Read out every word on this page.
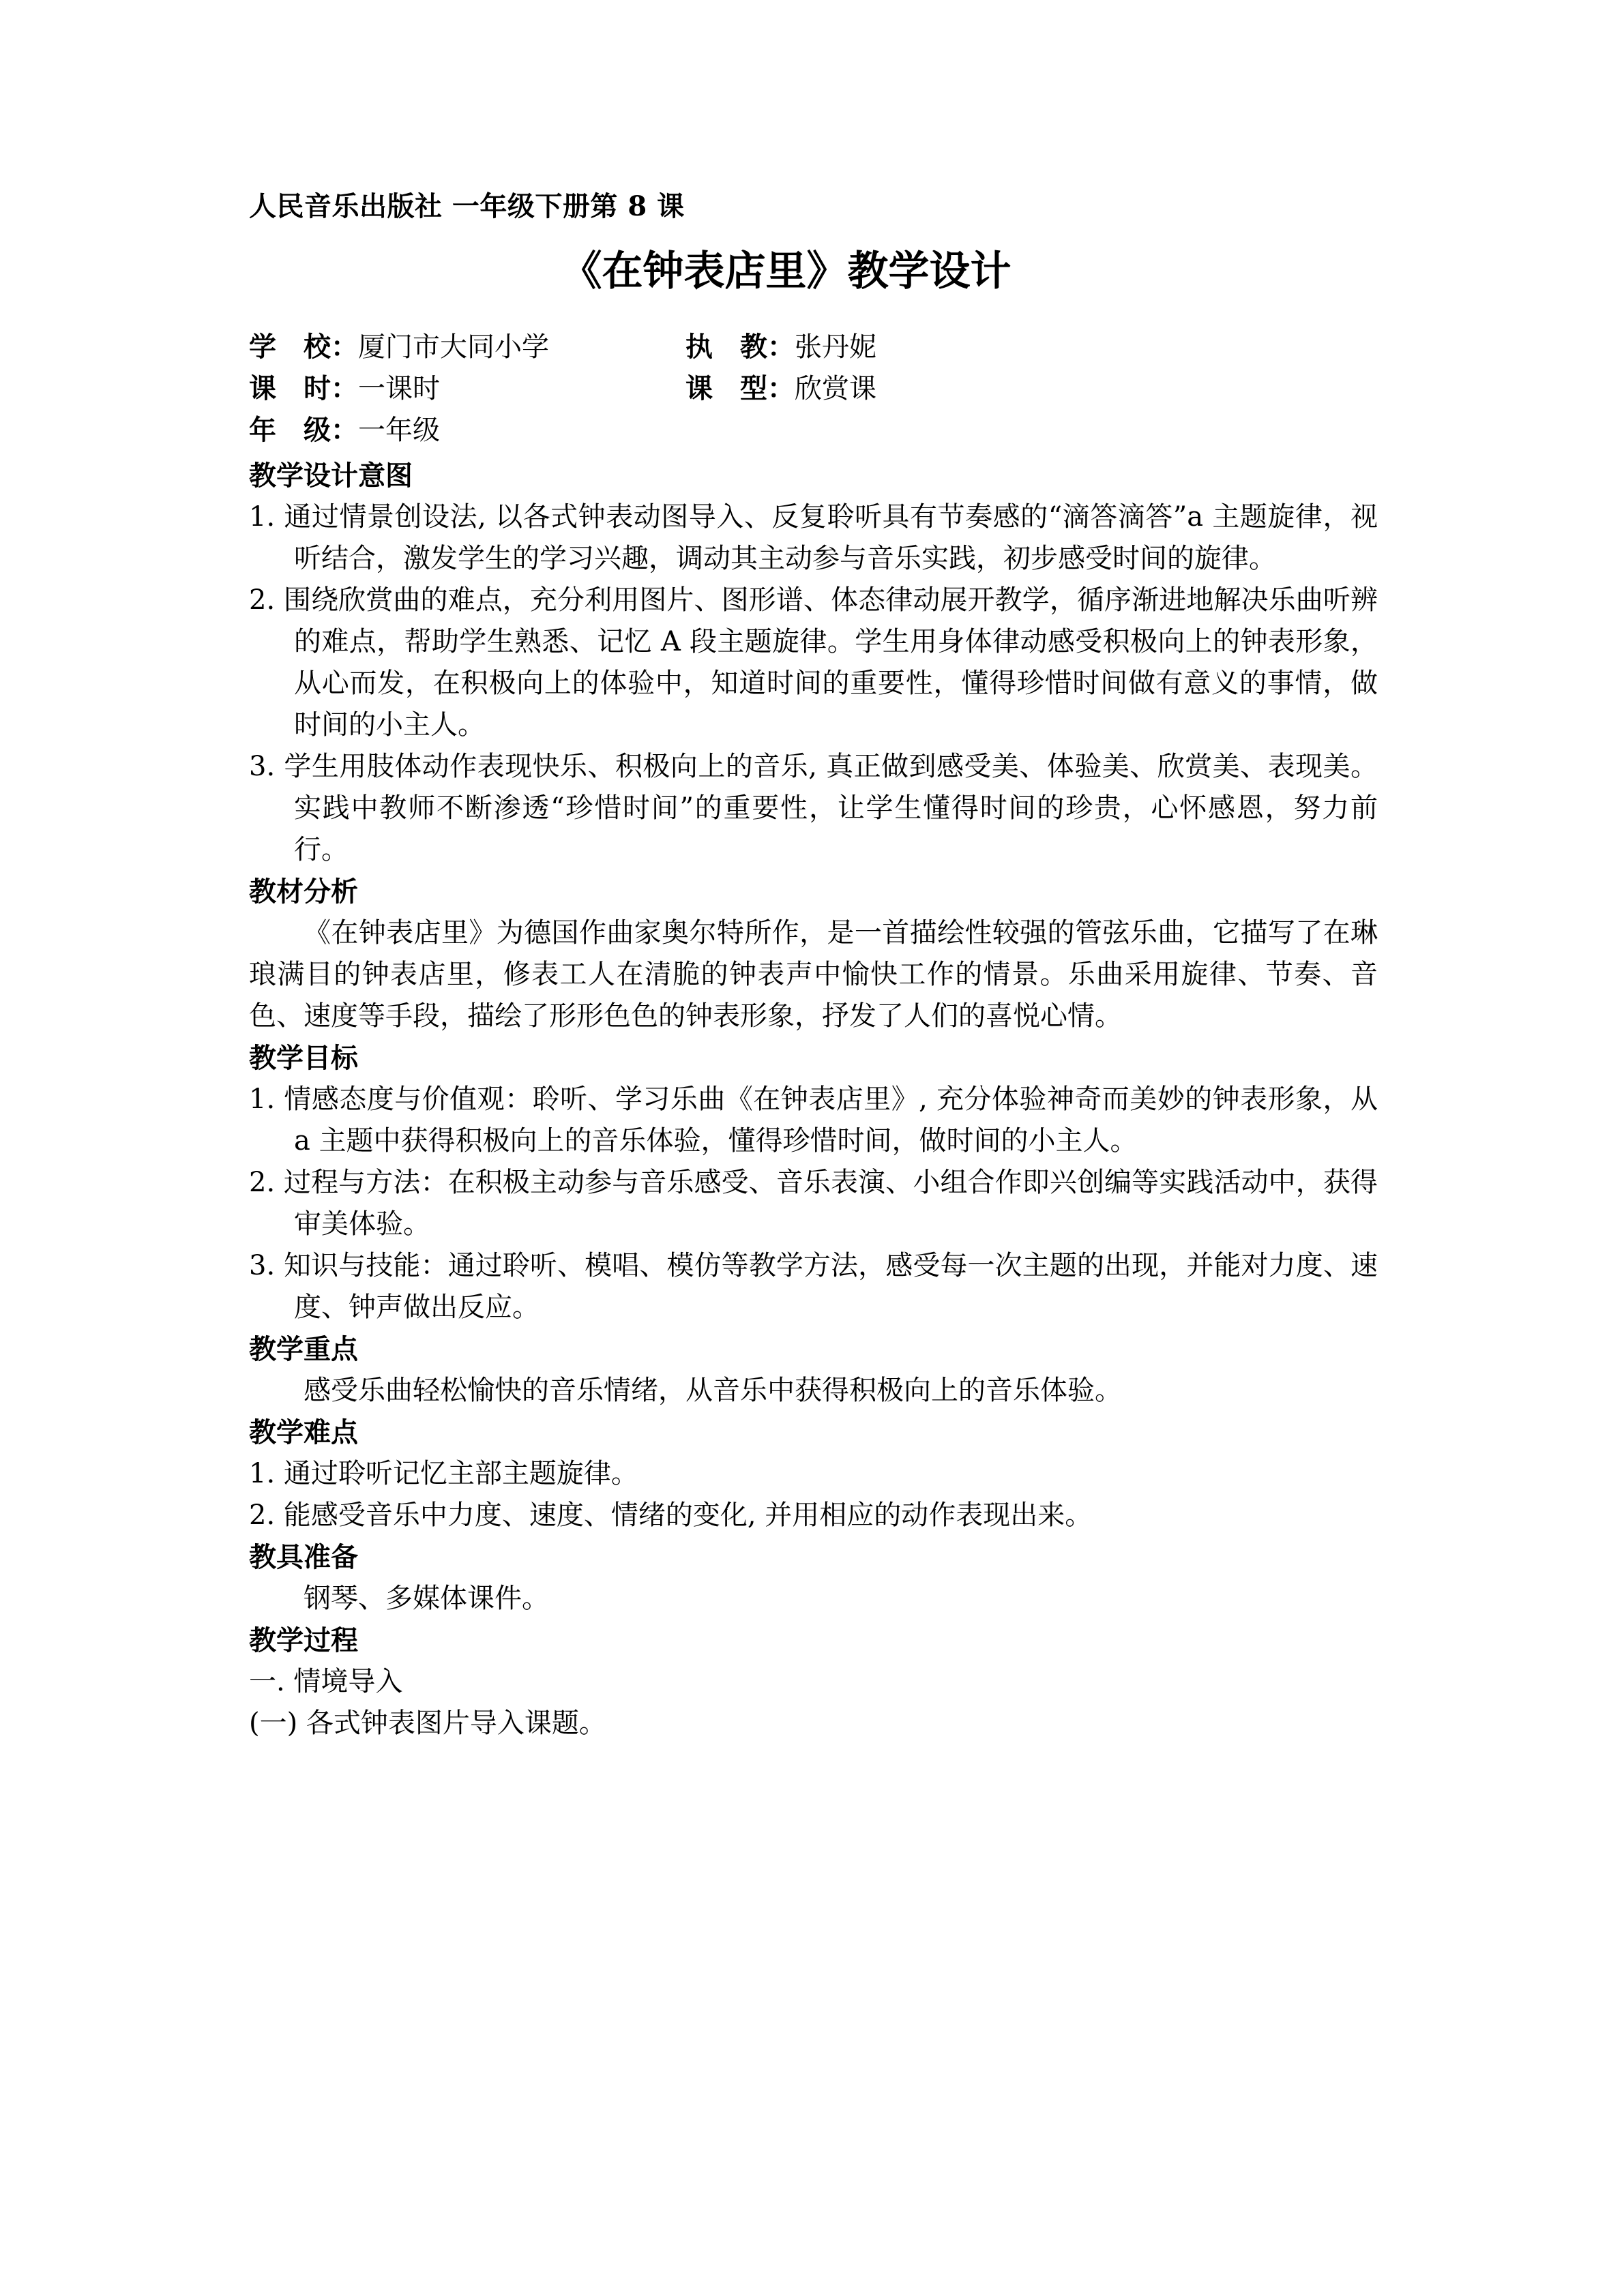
人民音乐出版社 一年级下册第 8 课
《在钟表店里》教学设计
学　校： 厦门市大同小学	执　教： 张丹妮
课　时： 一课时	课　型： 欣赏课
年　级： 一年级
教学设计意图
1. 通过情景创设法, 以各式钟表动图导入、反复聆听具有节奏感的“滴答滴答”a 主题旋律，视听结合，激发学生的学习兴趣，调动其主动参与音乐实践，初步感受时间的旋律。
2. 围绕欣赏曲的难点，充分利用图片、图形谱、体态律动展开教学，循序渐进地解决乐曲听辨的难点，帮助学生熟悉、记忆 A 段主题旋律。学生用身体律动感受积极向上的钟表形象，从心而发，在积极向上的体验中，知道时间的重要性，懂得珍惜时间做有意义的事情，做时间的小主人。
3. 学生用肢体动作表现快乐、积极向上的音乐, 真正做到感受美、体验美、欣赏美、表现美。实践中教师不断渗透“珍惜时间”的重要性，让学生懂得时间的珍贵，心怀感恩，努力前行。
教材分析
《在钟表店里》为德国作曲家奥尔特所作，是一首描绘性较强的管弦乐曲，它描写了在琳琅满目的钟表店里，修表工人在清脆的钟表声中愉快工作的情景。乐曲采用旋律、节奏、音色、速度等手段，描绘了形形色色的钟表形象，抒发了人们的喜悦心情。
教学目标
1. 情感态度与价值观：聆听、学习乐曲《在钟表店里》, 充分体验神奇而美妙的钟表形象，从 a 主题中获得积极向上的音乐体验，懂得珍惜时间，做时间的小主人。
2. 过程与方法：在积极主动参与音乐感受、音乐表演、小组合作即兴创编等实践活动中，获得审美体验。
3. 知识与技能：通过聆听、模唱、模仿等教学方法，感受每一次主题的出现，并能对力度、速度、钟声做出反应。
教学重点
感受乐曲轻松愉快的音乐情绪，从音乐中获得积极向上的音乐体验。
教学难点
1. 通过聆听记忆主部主题旋律。
2. 能感受音乐中力度、速度、情绪的变化, 并用相应的动作表现出来。
教具准备
钢琴、多媒体课件。
教学过程
一. 情境导入
(一) 各式钟表图片导入课题。
